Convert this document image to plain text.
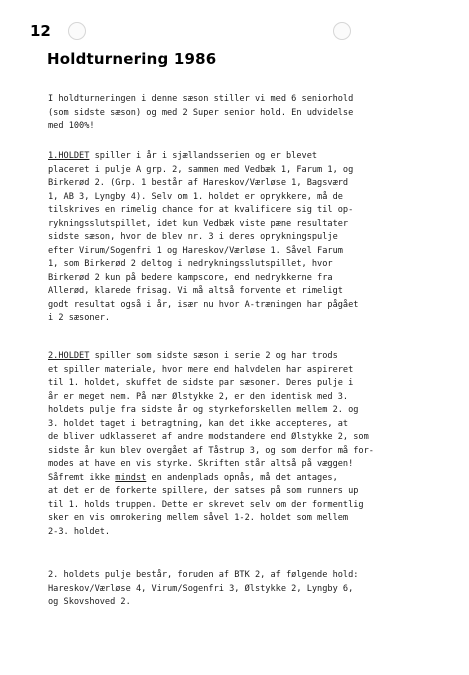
12
Holdturnering 1986
I holdturneringen i denne sæson stiller vi med 6 seniorhold
(som sidste sæson) og med 2 Super senior hold. En udvidelse
med 100%!
1.HOLDET spiller i år i sjællandsserien og er blevet
placeret i pulje A grp. 2, sammen med Vedbæk 1, Farum 1, og
Birkerød 2. (Grp. 1 består af Hareskov/Værløse 1, Bagsværd
1, AB 3, Lyngby 4). Selv om 1. holdet er oprykkere, må de
tilskrives en rimelig chance for at kvalificere sig til op-
rykningsslutspillet, idet kun Vedbæk viste pæne resultater
sidste sæson, hvor de blev nr. 3 i deres oprykningspulje
efter Virum/Sogenfri 1 og Hareskov/Værløse 1. Såvel Farum
1, som Birkerød 2 deltog i nedrykningsslutspillet, hvor
Birkerød 2 kun på bedere kampscore, end nedrykkerne fra
Allerød, klarede frisag. Vi må altså forvente et rimeligt
godt resultat også i år, især nu hvor A-træningen har pågået
i 2 sæsoner.
2.HOLDET spiller som sidste sæson i serie 2 og har trods
et spiller materiale, hvor mere end halvdelen har aspireret
til 1. holdet, skuffet de sidste par sæsoner. Deres pulje i
år er meget nem. På nær Ølstykke 2, er den identisk med 3.
holdets pulje fra sidste år og styrkeforskellen mellem 2. og
3. holdet taget i betragtning, kan det ikke accepteres, at
de bliver udklasseret af andre modstandere end Ølstykke 2, som
sidste år kun blev overgået af Tåstrup 3, og som derfor må for-
modes at have en vis styrke. Skriften står altså på væggen!
Såfremt ikke mindst en andenplads opnås, må det antages,
at det er de forkerte spillere, der satses på som runners up
til 1. holds truppen. Dette er skrevet selv om der formentlig
sker en vis omrokering mellem såvel 1-2. holdet som mellem
2-3. holdet.
2. holdets pulje består, foruden af BTK 2, af følgende hold:
Hareskov/Værløse 4, Virum/Sogenfri 3, Ølstykke 2, Lyngby 6,
og Skovshoved 2.
